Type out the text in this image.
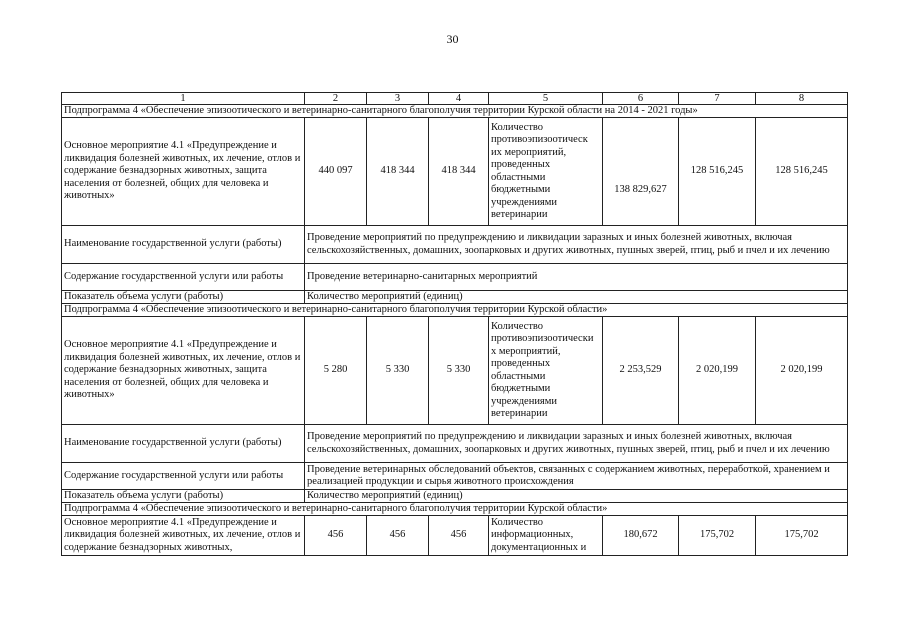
30
1	2	3	4	5	6	7	8
Подпрограмма 4 «Обеспечение эпизоотического и ветеринарно-санитарного благополучия территории Курской области на 2014 - 2021 годы»							
Основное мероприятие 4.1 «Предупреждение и ликвидация болезней животных, их лечение, отлов и содержание безнадзорных животных, защита населения от болезней, общих для человека и животных»	440 097	418 344	418 344	Количество противоэпизоотическ их мероприятий, проведенных областными бюджетными учреждениями ветеринарии	138 829,627	128 516,245	128 516,245
Наименование государственной услуги (работы)	Проведение мероприятий по предупреждению и ликвидации заразных и иных болезней животных, включая сельскохозяйственных, домашних, зоопарковых и других животных, пушных зверей, птиц, рыб и пчел и их лечению						
Содержание государственной услуги или работы	Проведение ветеринарно-санитарных мероприятий						
Показатель объема услуги (работы)	Количество мероприятий (единиц)						
Подпрограмма 4 «Обеспечение эпизоотического и ветеринарно-санитарного благополучия территории Курской области»							
Основное мероприятие 4.1 «Предупреждение и ликвидация болезней животных, их лечение, отлов и содержание безнадзорных животных, защита населения от болезней, общих для человека и животных»	5 280	5 330	5 330	Количество противоэпизоотически х мероприятий, проведенных областными бюджетными учреждениями ветеринарии	2 253,529	2 020,199	2 020,199
Наименование государственной услуги (работы)	Проведение мероприятий по предупреждению и ликвидации заразных и иных болезней животных, включая сельскохозяйственных, домашних, зоопарковых и других животных, пушных зверей, птиц, рыб и пчел и их лечению						
Содержание государственной услуги или работы	Проведение ветеринарных обследований объектов, связанных с содержанием животных, переработкой, хранением и реализацией продукции и сырья животного происхождения						
Показатель объема услуги (работы)	Количество мероприятий (единиц)						
Подпрограмма 4 «Обеспечение эпизоотического и ветеринарно-санитарного благополучия территории Курской области»							

Основное мероприятие 4.1 «Предупреждение и ликвидация болезней животных, их лечение, отлов и содержание безнадзорных животных,	456	456	456	Количество информационных, документационных и	180,672	175,702	175,702
